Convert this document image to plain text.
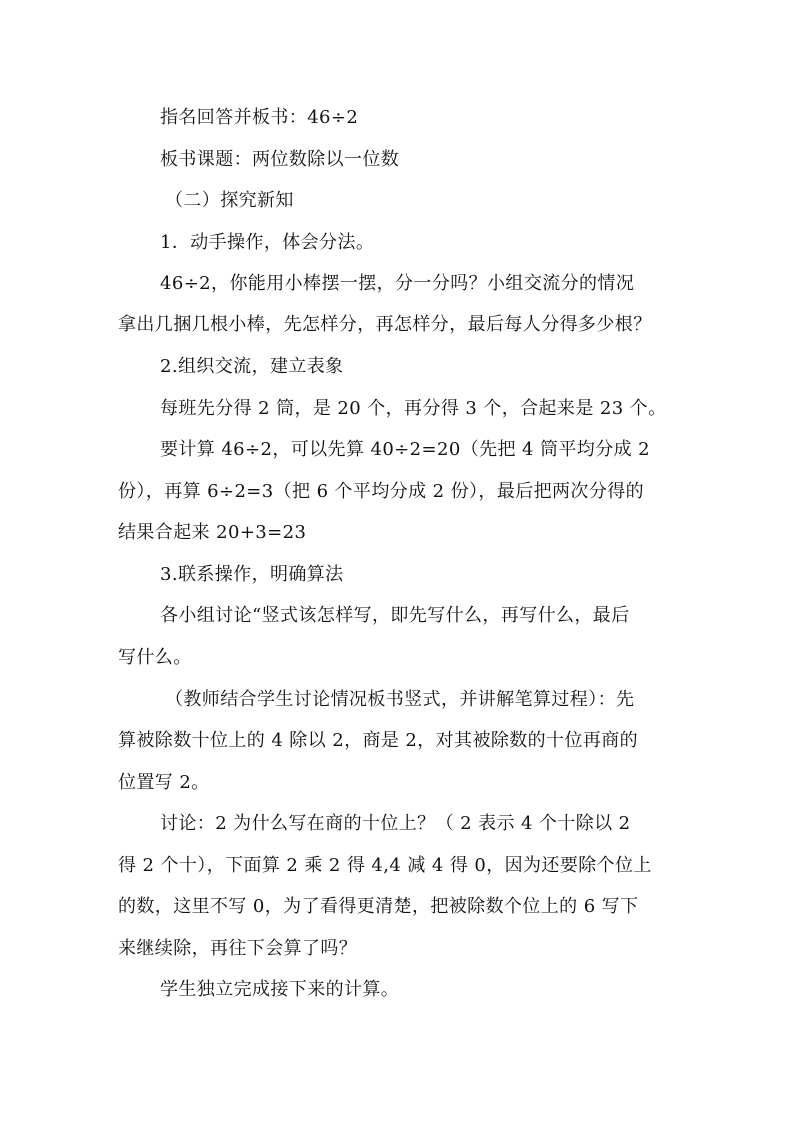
指名回答并板书：46÷2
板书课题：两位数除以一位数
（二）探究新知
1．动手操作，体会分法。
46÷2，你能用小棒摆一摆，分一分吗？小组交流分的情况
拿出几捆几根小棒，先怎样分，再怎样分，最后每人分得多少根？
2.组织交流，建立表象
每班先分得 2 筒，是 20 个，再分得 3 个，合起来是 23 个。
要计算 46÷2，可以先算 40÷2=20（先把 4 筒平均分成 2
份），再算 6÷2=3（把 6 个平均分成 2 份），最后把两次分得的
结果合起来 20+3=23
3.联系操作，明确算法
各小组讨论“竖式该怎样写，即先写什么，再写什么，最后
写什么。
（教师结合学生讨论情况板书竖式，并讲解笔算过程）：先
算被除数十位上的 4 除以 2，商是 2，对其被除数的十位再商的
位置写 2。
讨论：2 为什么写在商的十位上？（ 2 表示 4 个十除以 2
得 2 个十），下面算 2 乘 2 得 4,4 减 4 得 0，因为还要除个位上
的数，这里不写 0，为了看得更清楚，把被除数个位上的 6 写下
来继续除，再往下会算了吗？
学生独立完成接下来的计算。
